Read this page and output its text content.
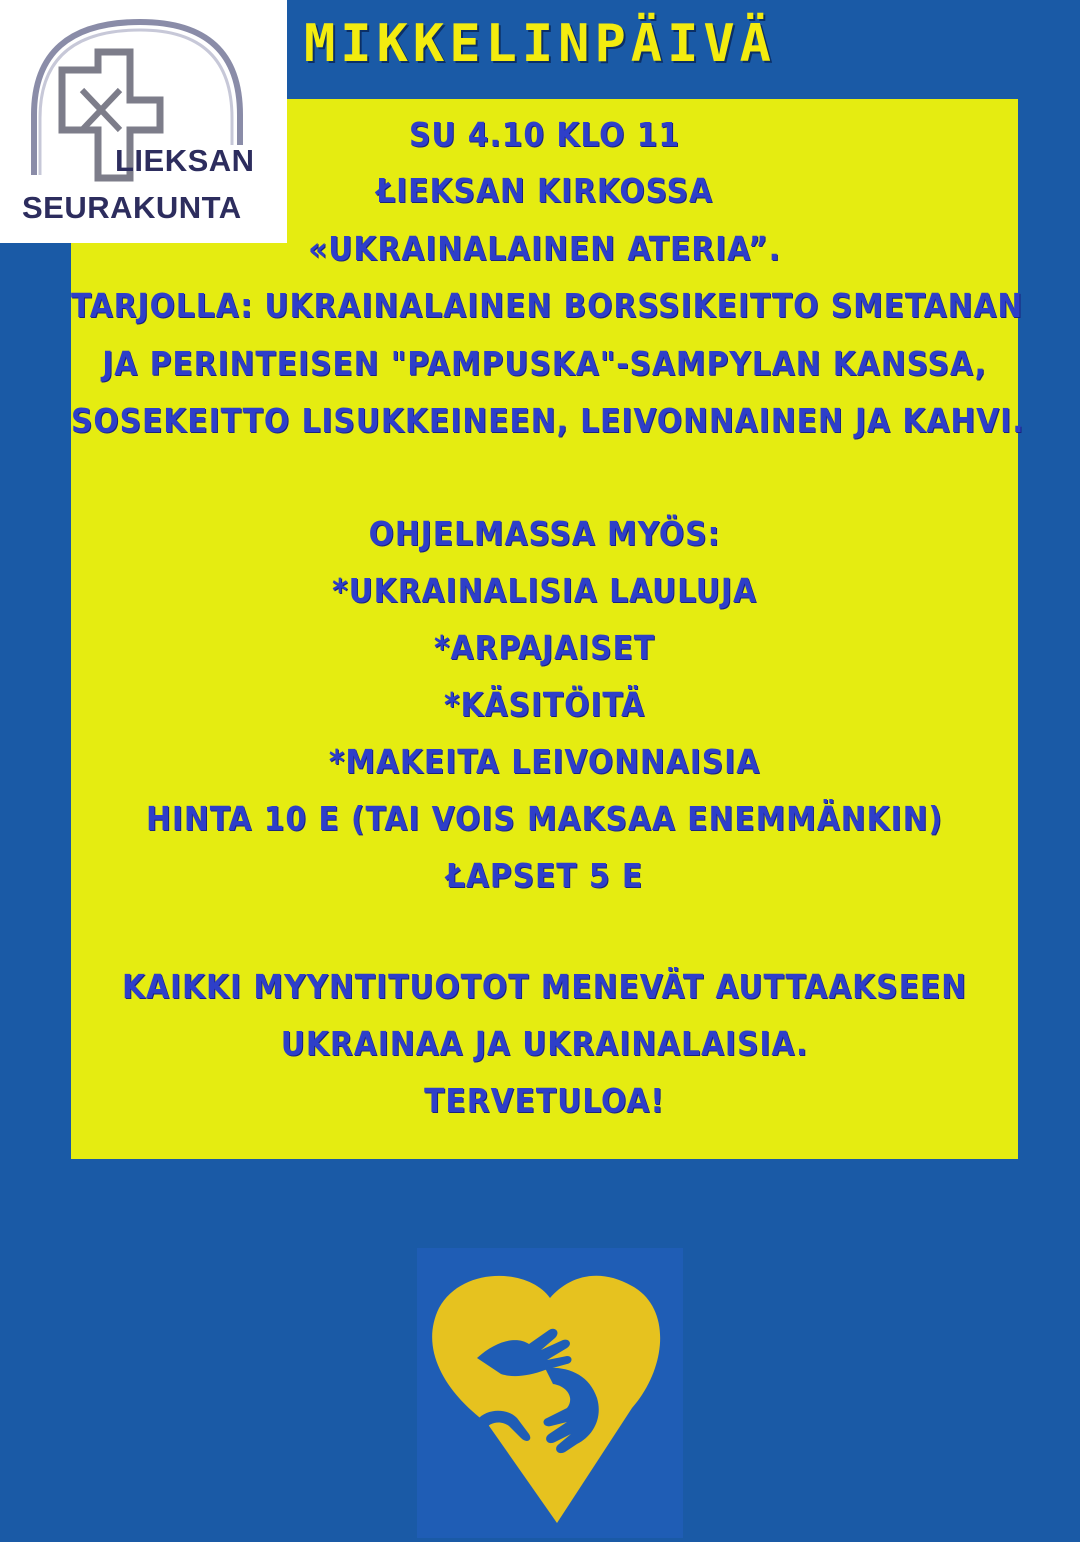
LIEKSAN
SEURAKUNTA
MIKKELINPÄIVÄ
SU 4.10 KLO 11
ŁIEKSAN KIRKOSSA
«UKRAINALAINEN ATERIA”.
TARJOLLA: UKRAINALAINEN BORSSIKEITTO SMETANAN
JA PERINTEISEN "PAMPUSKA"-SAMPYLAN KANSSA,
SOSEKEITTO LISUKKEINEEN, LEIVONNAINEN JA KAHVI.
OHJELMASSA MYÖS:
*UKRAINALISIA LAULUJA
*ARPAJAISET
*KÄSITÖITÄ
*MAKEITA LEIVONNAISIA
HINTA 10 E (TAI VOIS MAKSAA ENEMMÄNKIN)
ŁAPSET 5 E
KAIKKI MYYNTITUOTOT MENEVÄT AUTTAAKSEEN
UKRAINAA JA UKRAINALAISIA.
TERVETULOA!
